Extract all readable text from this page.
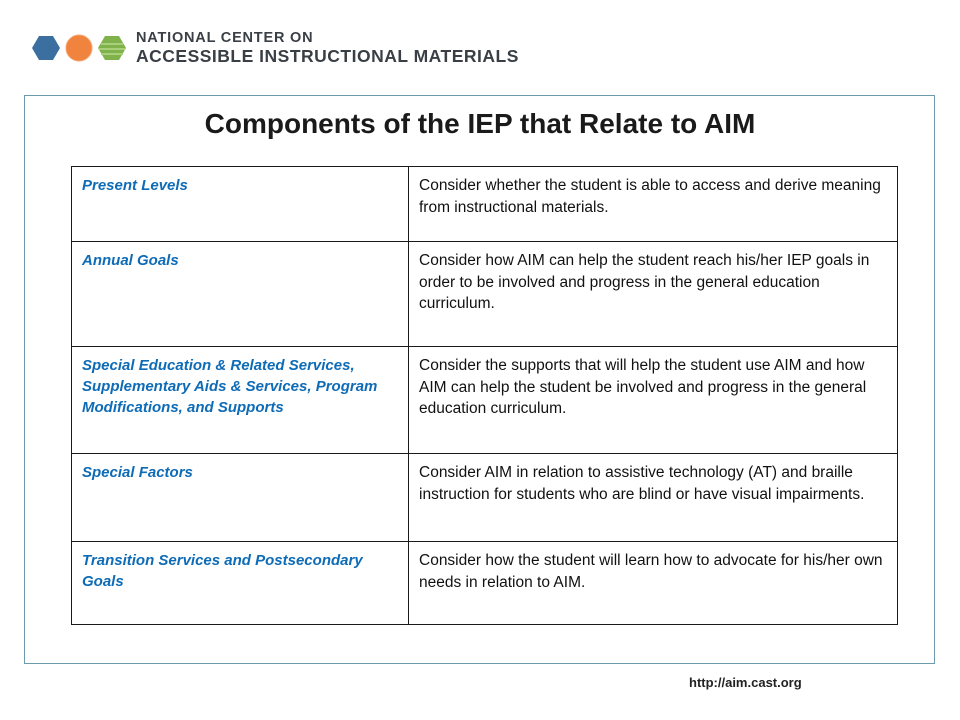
NATIONAL CENTER ON
ACCESSIBLE INSTRUCTIONAL MATERIALS
Components of the IEP that Relate to AIM
Present Levels	Consider whether the student is able to access and derive meaning from instructional materials.
Annual Goals	Consider how AIM can help the student reach his/her IEP goals in order to be involved and progress in the general education curriculum.
Special Education & Related Services, Supplementary Aids & Services, Program Modifications, and Supports	Consider the supports that will help the student use AIM and how AIM can help the student be involved and progress in the general education curriculum.
Special Factors	Consider AIM in relation to assistive technology (AT) and braille instruction for students who are blind or have visual impairments.
Transition Services and Postsecondary Goals	Consider how the student will learn how to advocate for his/her own needs in relation to AIM.
http://aim.cast.org
